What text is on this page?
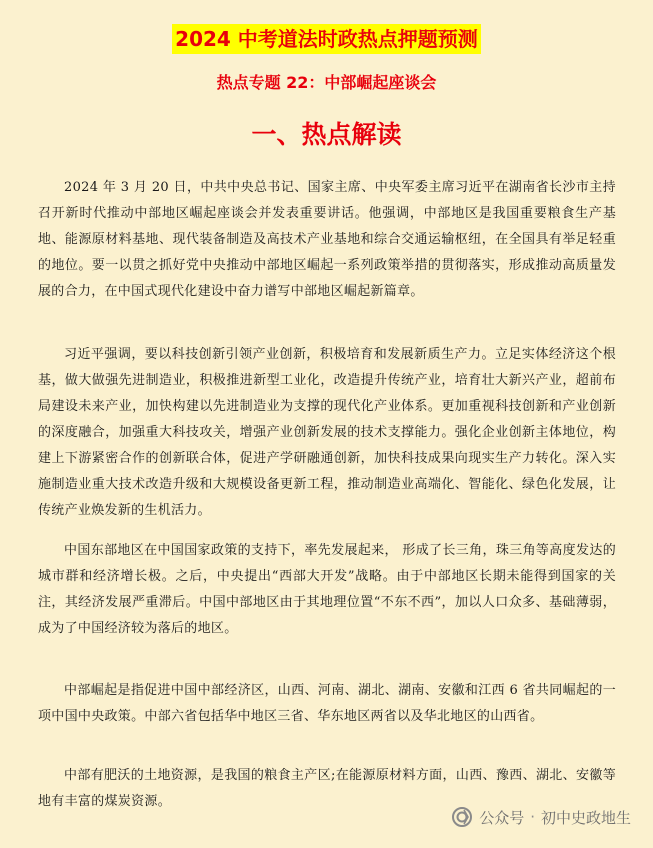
2024 中考道法时政热点押题预测
热点专题 22：中部崛起座谈会
一、热点解读

2024 年 3 月 20 日，中共中央总书记、国家主席、中央军委主席习近平在湖南省长沙市主持召开新时代推动中部地区崛起座谈会并发表重要讲话。他强调，中部地区是我国重要粮食生产基地、能源原材料基地、现代装备制造及高技术产业基地和综合交通运输枢纽，在全国具有举足轻重的地位。要一以贯之抓好党中央推动中部地区崛起一系列政策举措的贯彻落实，形成推动高质量发展的合力，在中国式现代化建设中奋力谱写中部地区崛起新篇章。

习近平强调，要以科技创新引领产业创新，积极培育和发展新质生产力。立足实体经济这个根基，做大做强先进制造业，积极推进新型工业化，改造提升传统产业，培育壮大新兴产业，超前布局建设未来产业，加快构建以先进制造业为支撑的现代化产业体系。更加重视科技创新和产业创新的深度融合，加强重大科技攻关，增强产业创新发展的技术支撑能力。强化企业创新主体地位，构建上下游紧密合作的创新联合体，促进产学研融通创新，加快科技成果向现实生产力转化。深入实施制造业重大技术改造升级和大规模设备更新工程，推动制造业高端化、智能化、绿色化发展，让传统产业焕发新的生机活力。

中国东部地区在中国国家政策的支持下，率先发展起来， 形成了长三角，珠三角等高度发达的城市群和经济增长极。之后，中央提出“西部大开发”战略。由于中部地区长期未能得到国家的关注，其经济发展严重滞后。中国中部地区由于其地理位置“不东不西”，加以人口众多、基础薄弱，成为了中国经济较为落后的地区。

中部崛起是指促进中国中部经济区，山西、河南、湖北、湖南、安徽和江西 6 省共同崛起的一项中国中央政策。中部六省包括华中地区三省、华东地区两省以及华北地区的山西省。

中部有肥沃的土地资源，是我国的粮食主产区;在能源原材料方面，山西、豫西、湖北、安徽等地有丰富的煤炭资源。

公众号 · 初中史政地生
